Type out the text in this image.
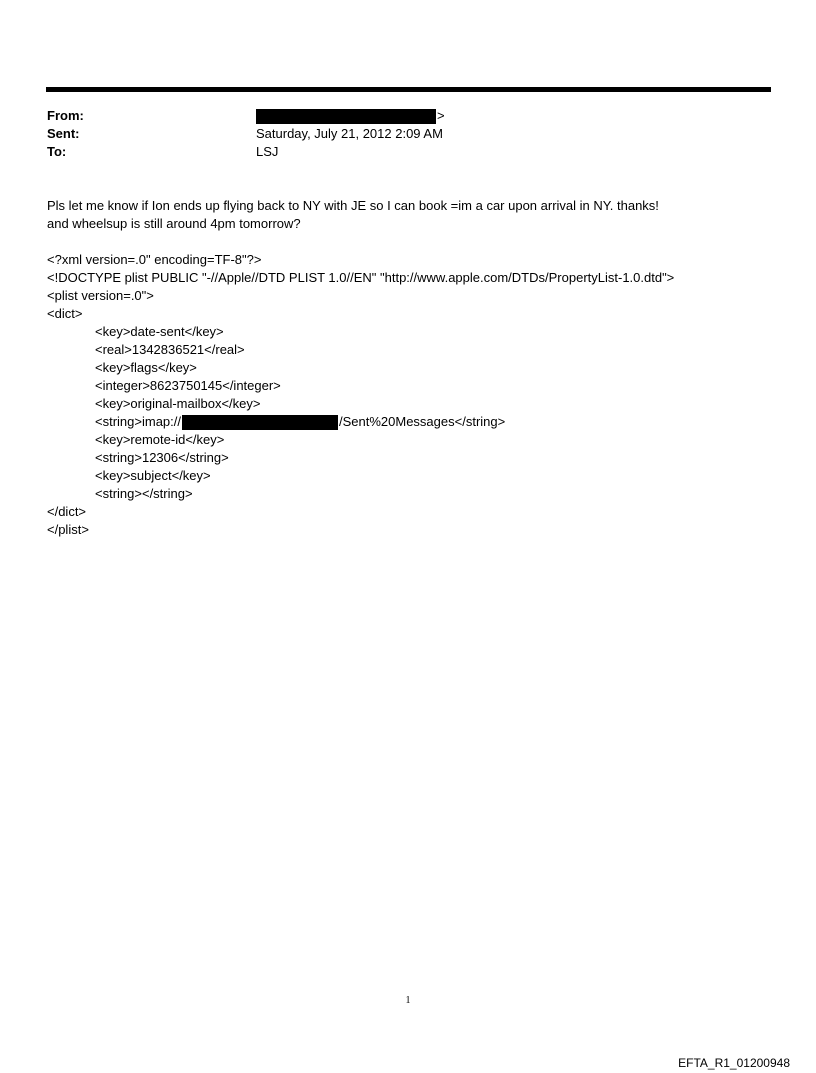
From:	>
Sent:	Saturday, July 21, 2012 2:09 AM
To:	LSJ
Pls let me know if Ion ends up flying back to NY with JE so I can book =im a car upon arrival in NY. thanks!
and wheelsup is still around 4pm tomorrow?
<?xml version=.0" encoding=TF-8"?>
<!DOCTYPE plist PUBLIC "-//Apple//DTD PLIST 1.0//EN" "http://www.apple.com/DTDs/PropertyList-1.0.dtd">
<plist version=.0">
<dict>
<key>date-sent</key>
<real>1342836521</real>
<key>flags</key>
<integer>8623750145</integer>
<key>original-mailbox</key>
<string>imap://	/Sent%20Messages</string>
<key>remote-id</key>
<string>12306</string>
<key>subject</key>
<string></string>
</dict>
</plist>
1
EFTA_R1_01200948
